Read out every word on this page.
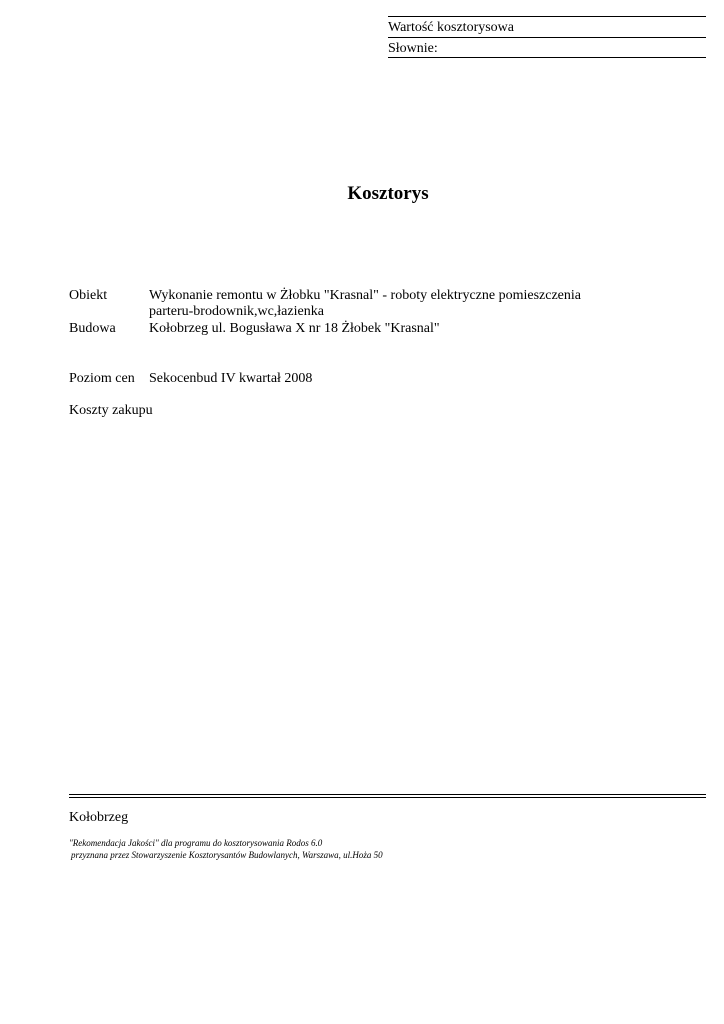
Wartość kosztorysowa
Słownie:
Kosztorys
Obiekt	Wykonanie remontu w Żłobku "Krasnal" - roboty elektryczne pomieszczenia
parteru-brodownik,wc,łazienka
Budowa	Kołobrzeg ul. Bogusława X nr 18 Żłobek "Krasnal"
Poziom cen	Sekocenbud IV kwartał 2008
Koszty zakupu
Kołobrzeg
"Rekomendacja Jakości" dla programu do kosztorysowania Rodos 6.0
przyznana przez Stowarzyszenie Kosztorysantów Budowlanych, Warszawa, ul.Hoża 50
